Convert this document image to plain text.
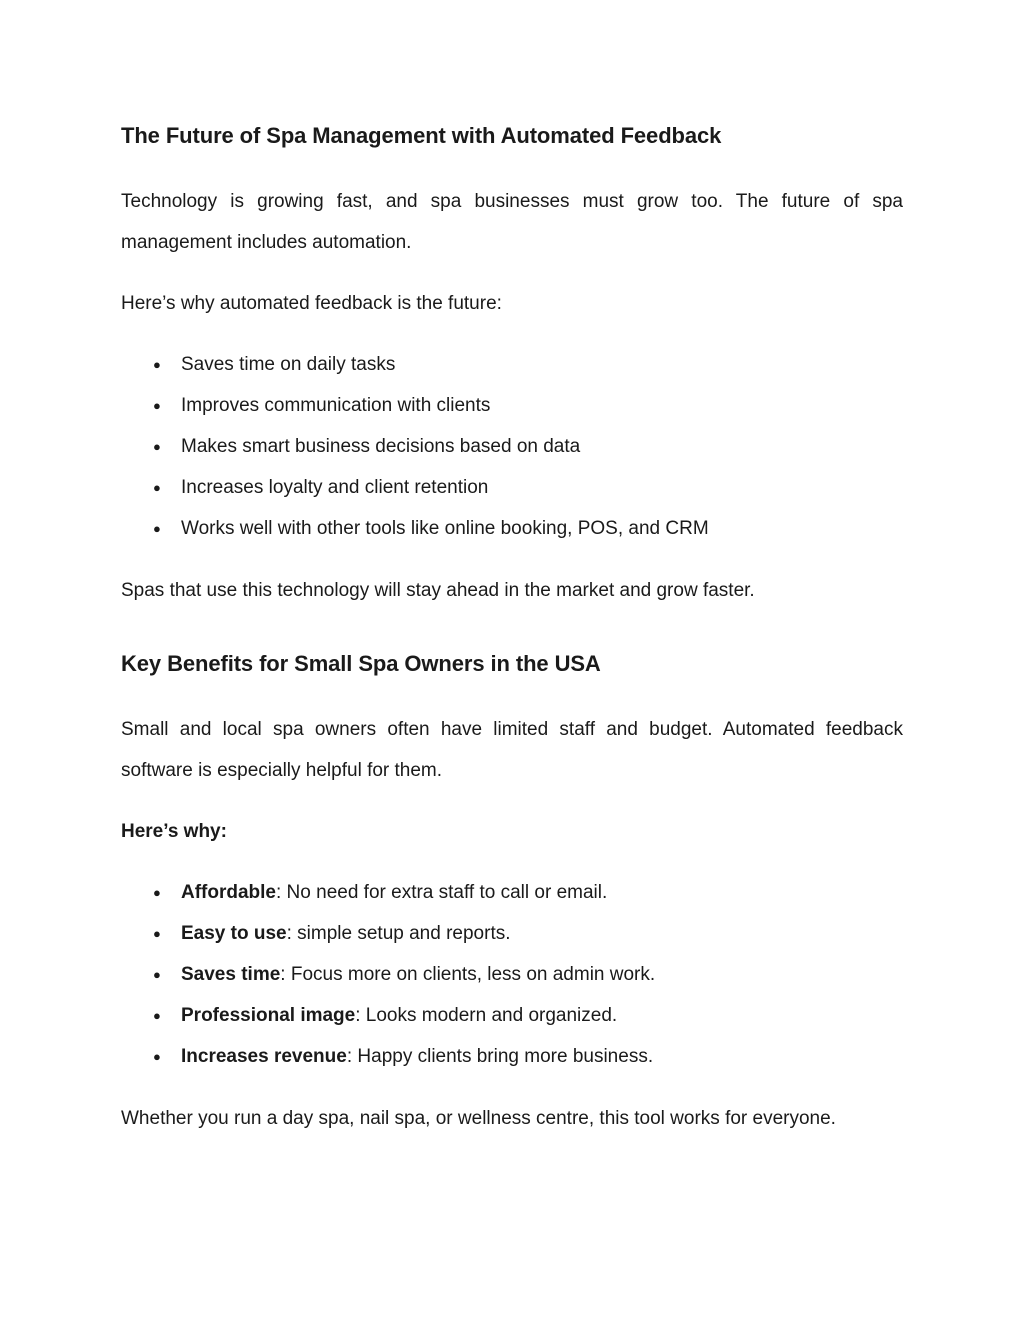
The Future of Spa Management with Automated Feedback

Technology is growing fast, and spa businesses must grow too. The future of spa management includes automation.

Here’s why automated feedback is the future:

● Saves time on daily tasks
● Improves communication with clients
● Makes smart business decisions based on data
● Increases loyalty and client retention
● Works well with other tools like online booking, POS, and CRM

Spas that use this technology will stay ahead in the market and grow faster.

Key Benefits for Small Spa Owners in the USA

Small and local spa owners often have limited staff and budget. Automated feedback software is especially helpful for them.

Here’s why:

● Affordable: No need for extra staff to call or email.
● Easy to use: simple setup and reports.
● Saves time: Focus more on clients, less on admin work.
● Professional image: Looks modern and organized.
● Increases revenue: Happy clients bring more business.

Whether you run a day spa, nail spa, or wellness centre, this tool works for everyone.
